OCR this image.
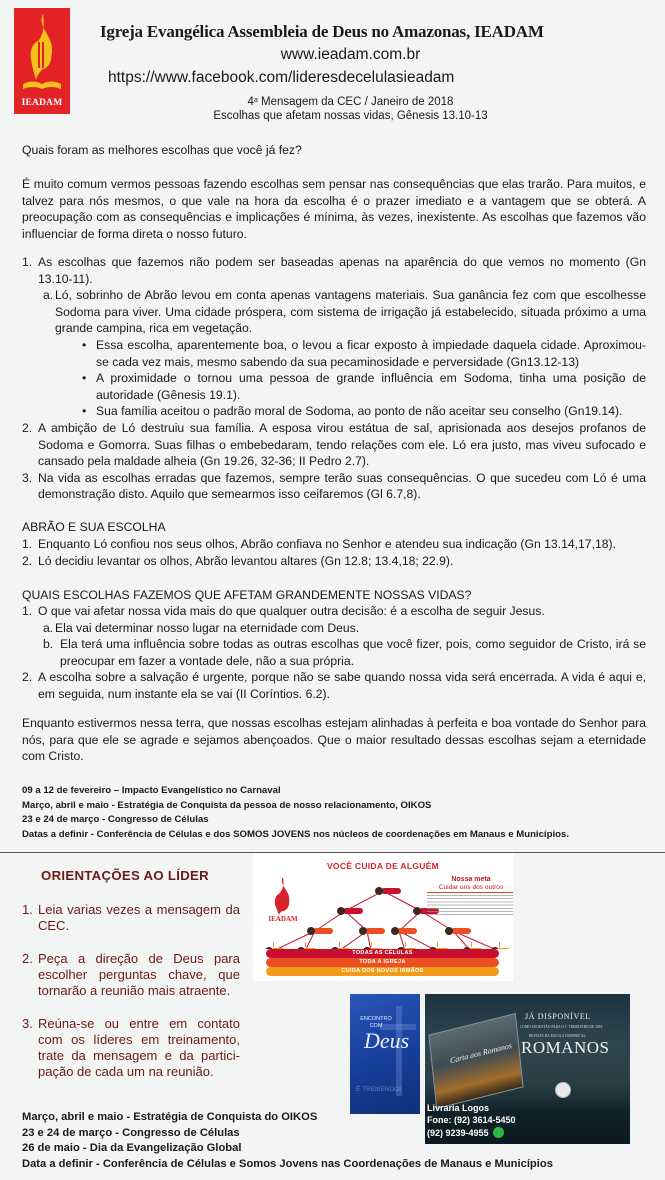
IEADAM
Igreja Evangélica Assembleia de Deus no Amazonas, IEADAM
www.ieadam.com.br
https://www.facebook.com/lideresdecelulasieadam
4$^a$ Mensagem da CEC / Janeiro de 2018
Escolhas que afetam nossas vidas, Gênesis 13.10-13
Quais foram as melhores escolhas que você já fez?
É muito comum vermos pessoas fazendo escolhas sem pensar nas consequências que elas trarão. Para muitos, e talvez para nós mesmos, o que vale na hora da escolha é o prazer imediato e a vantagem que se obterá. A preocupação com as consequências e implicações é mínima, às vezes, inexistente. As escolhas que fazemos vão influenciar de forma direta o nosso futuro.
1. As escolhas que fazemos não podem ser baseadas apenas na aparência do que vemos no momento (Gn 13.10-11).
a. Ló, sobrinho de Abrão levou em conta apenas vantagens materiais. Sua ganância fez com que escolhesse Sodoma para viver. Uma cidade próspera, com sistema de irrigação já estabelecido, situada próximo a uma grande campina, rica em vegetação.
• Essa escolha, aparentemente boa, o levou a ficar exposto à impiedade daquela cidade. Aproximou-se cada vez mais, mesmo sabendo da sua pecaminosidade e perversidade (Gn13.12-13)
• A proximidade o tornou uma pessoa de grande influência em Sodoma, tinha uma posição de autoridade (Gênesis 19.1).
• Sua família aceitou o padrão moral de Sodoma, ao ponto de não aceitar seu conselho (Gn19.14).
2. A ambição de Ló destruiu sua família. A esposa virou estátua de sal, aprisionada aos desejos profanos de Sodoma e Gomorra. Suas filhas o embebedaram, tendo relações com ele. Ló era justo, mas viveu sufocado e cansado pela maldade alheia (Gn 19.26, 32-36; II Pedro 2.7).
3. Na vida as escolhas erradas que fazemos, sempre terão suas consequências. O que sucedeu com Ló é uma demonstração disto. Aquilo que semearmos isso ceifaremos (Gl 6.7,8).
ABRÃO E SUA ESCOLHA
1. Enquanto Ló confiou nos seus olhos, Abrão confiava no Senhor e atendeu sua indicação (Gn 13.14,17,18).
2. Ló decidiu levantar os olhos, Abrão levantou altares (Gn 12.8; 13.4,18; 22.9).
QUAIS ESCOLHAS FAZEMOS QUE AFETAM GRANDEMENTE NOSSAS VIDAS?
1. O que vai afetar nossa vida mais do que qualquer outra decisão: é a escolha de seguir Jesus.
a. Ela vai determinar nosso lugar na eternidade com Deus.
b. Ela terá uma influência sobre todas as outras escolhas que você fizer, pois, como seguidor de Cristo, irá se preocupar em fazer a vontade dele, não a sua própria.
2. A escolha sobre a salvação é urgente, porque não se sabe quando nossa vida será encerrada. A vida é aqui e, em seguida, num instante ela se vai (II Coríntios. 6.2).
Enquanto estivermos nessa terra, que nossas escolhas estejam alinhadas à perfeita e boa vontade do Senhor para nós, para que ele se agrade e sejamos abençoados. Que o maior resultado dessas escolhas sejam a eternidade com Cristo.
09 a 12 de fevereiro – Impacto Evangelístico no Carnaval
Março, abril e maio - Estratégia de Conquista da pessoa de nosso relacionamento, OIKOS
23 e 24 de março - Congresso de Células
Datas a definir - Conferência de Células e dos SOMOS JOVENS nos núcleos de coordenações em Manaus e Municípios.
ORIENTAÇÕES AO LÍDER
1. Leia varias vezes a mensagem da CEC.
2. Peça a direção de Deus para escolher perguntas chave, que tornarão a reunião mais atraente.
3. Reúna-se ou entre em contato com os líderes em treinamento, trate da mensagem e da partici-pação de cada um na reunião.
VOCÊ CUIDA DE ALGUÉM
IEADAM
Nossa meta
Cuidar uns dos outros
TODAS AS CÉLULAS
TODA A IGREJA
CUIDA DOS NOVOS IRMÃOS
ENCONTRO
COM
Deus
É TREMENDO!
Carta aos Romanos
JÁ DISPONÍVEL
COMO SUGESTÃO PARA O 1º TRIMESTRE DE 2018
REVISTA DA ESCOLA DOMINICAL
ROMANOS
Livraria Logos
Fone: (92) 3614-5450
(92) 9239-4955
Março, abril e maio - Estratégia de Conquista do OIKOS
23 e 24 de março - Congresso de Células
26 de maio - Dia da Evangelização Global
Data a definir - Conferência de Células e Somos Jovens nas Coordenações de Manaus e Municípios
